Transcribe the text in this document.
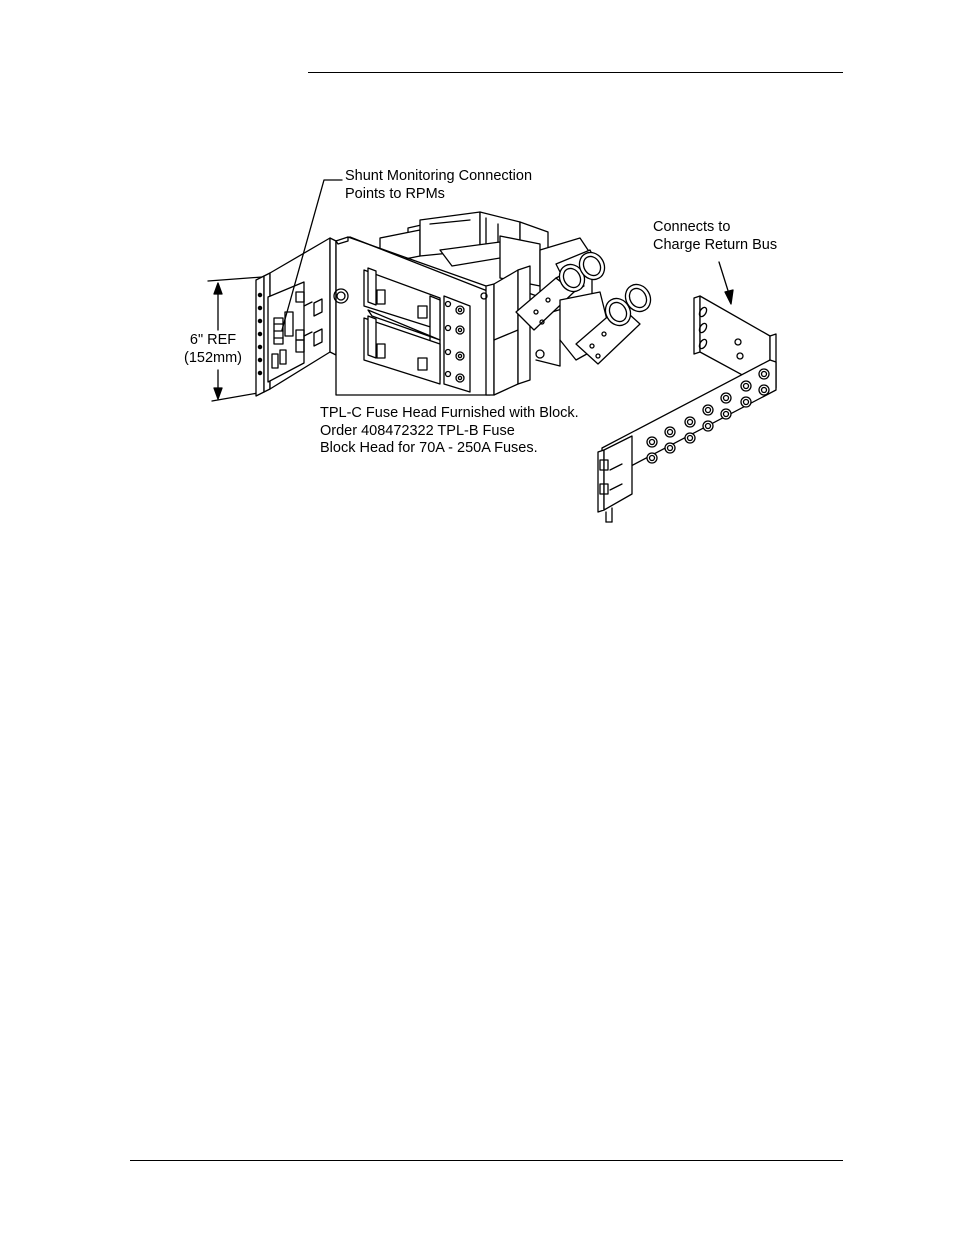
Shunt Monitoring Connection
Points to RPMs
Connects to
Charge Return Bus
6" REF
(152mm)
TPL-C Fuse Head Furnished with Block.
Order 408472322 TPL-B Fuse
Block Head for 70A - 250A Fuses.
